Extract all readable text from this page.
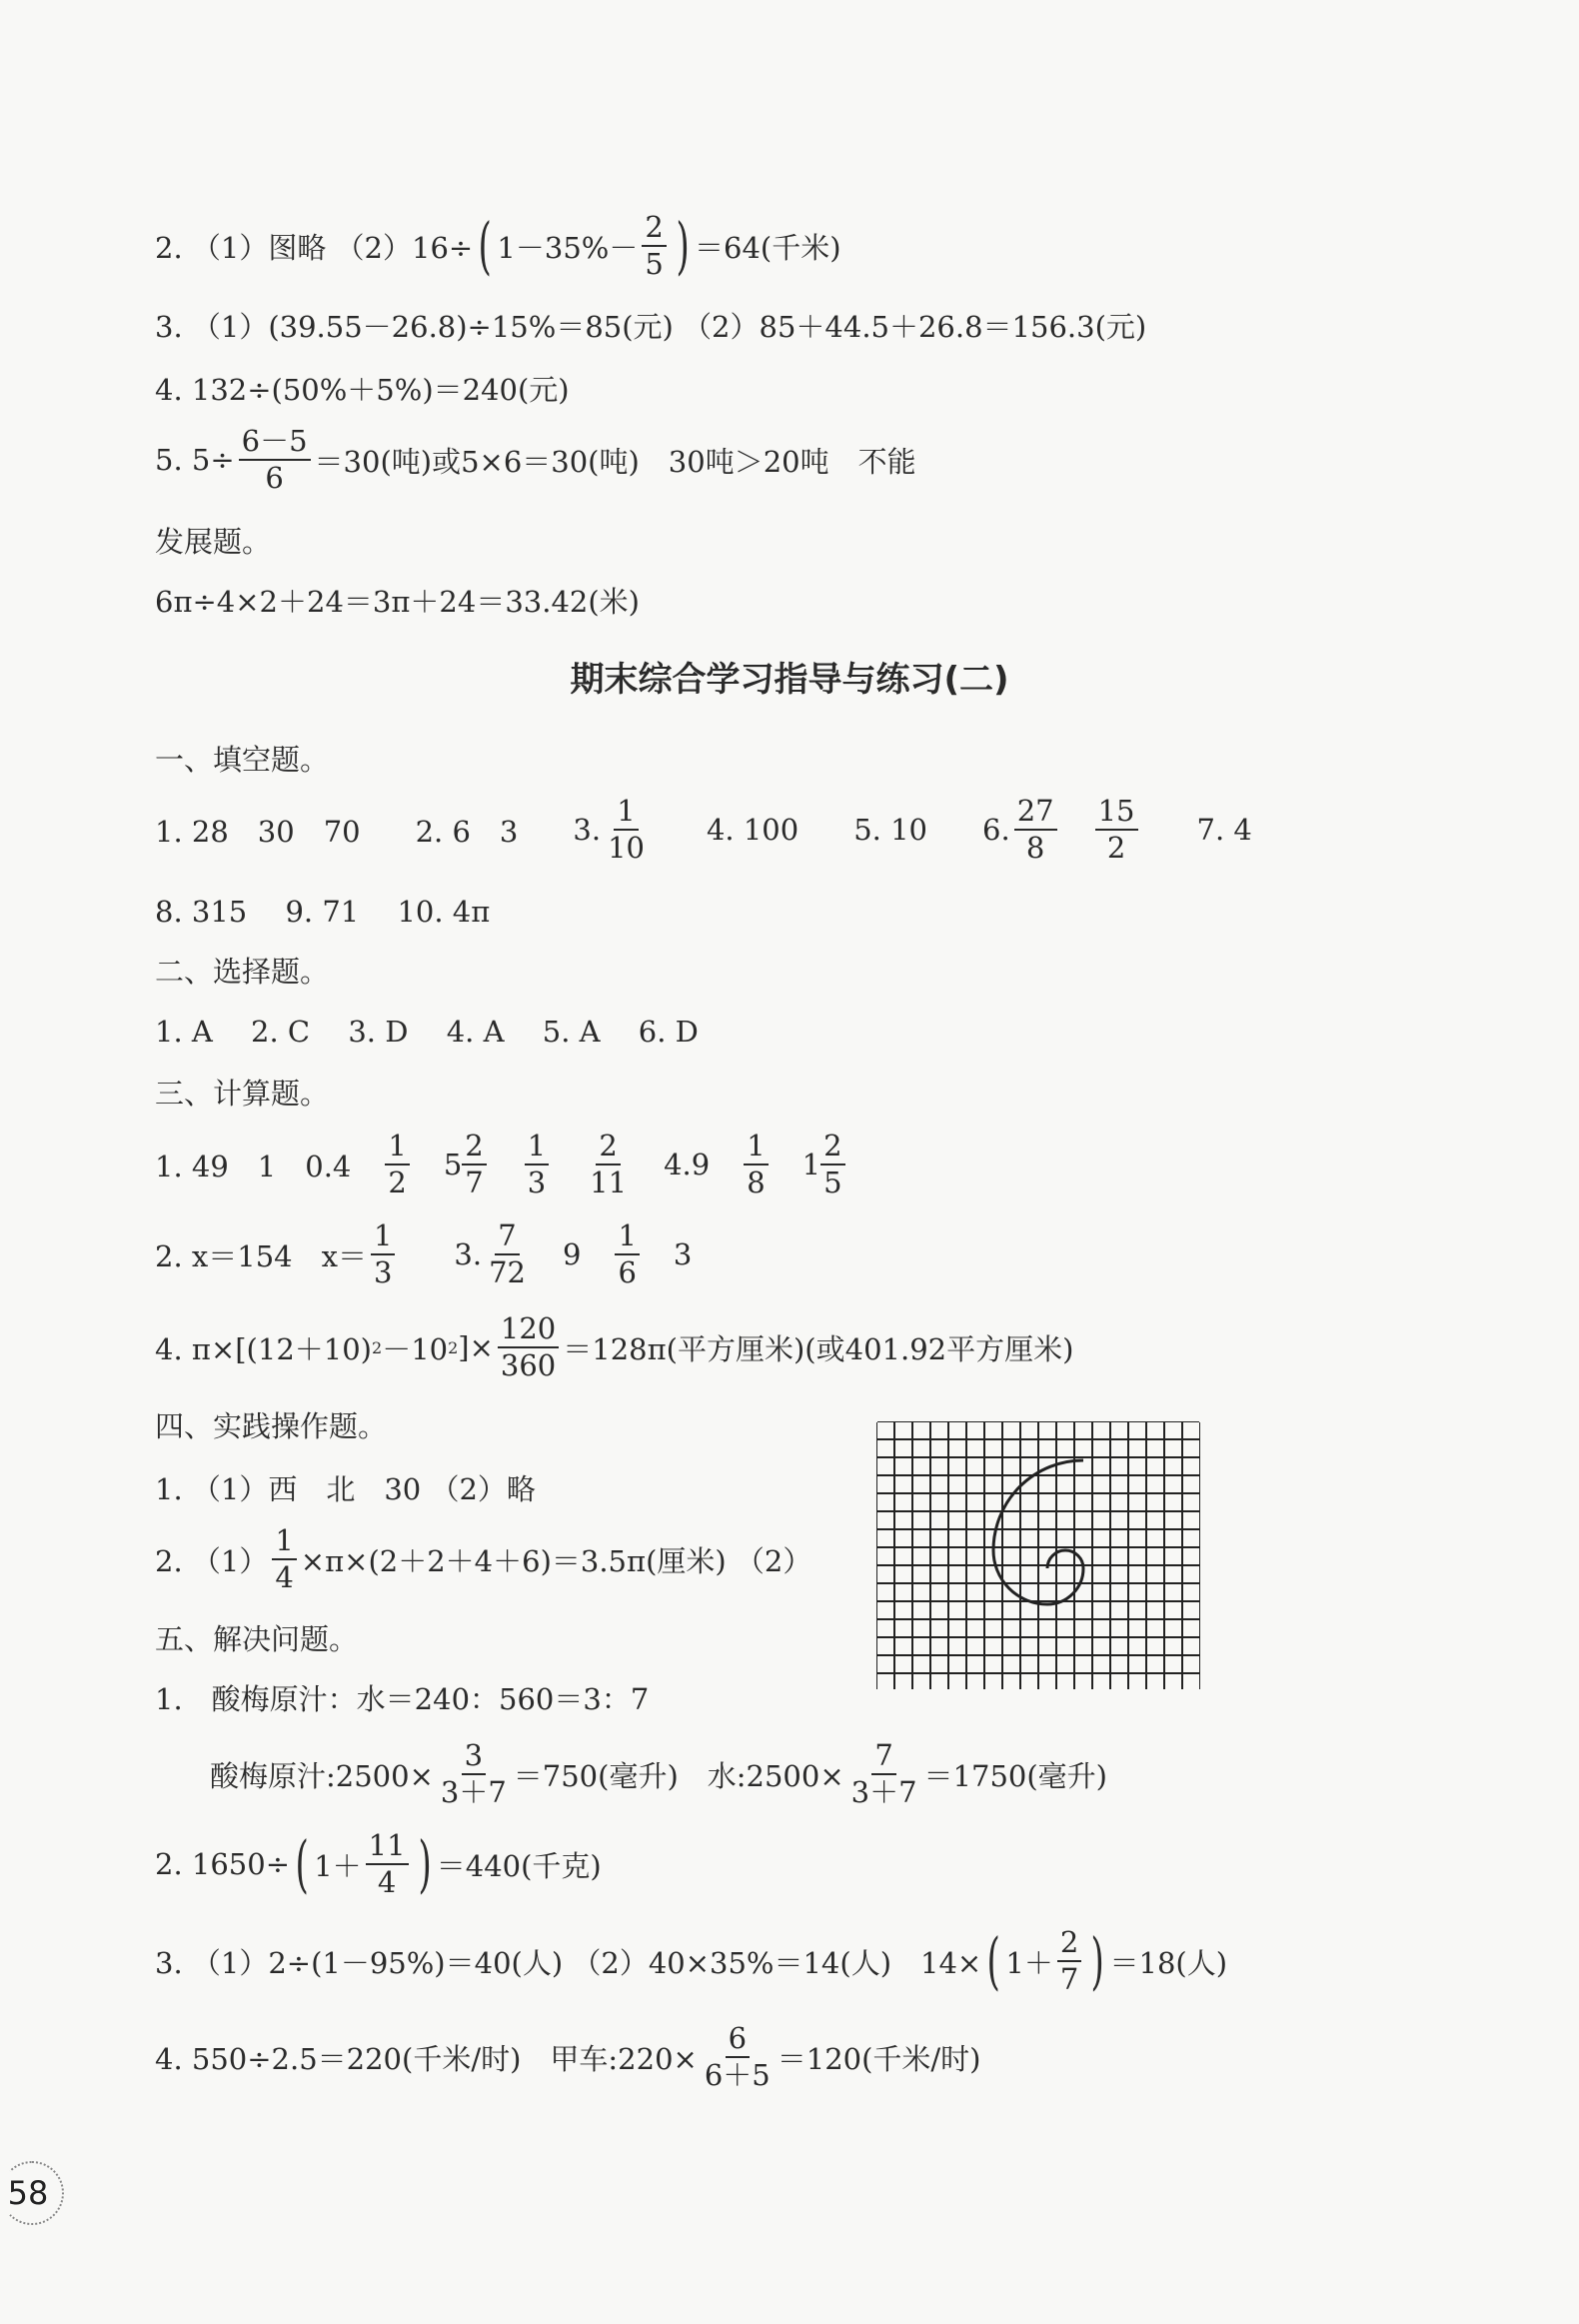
2. （1）图略 （2）16÷ ( $1-35\%- \frac{2}{5}$ ) ＝64(千米)
3. （1）(39.55－26.8)÷15%＝85(元) （2）85＋44.5＋26.8＝156.3(元)
4. 132÷(50%＋5%)＝240(元)
5. $5\div \frac{6-5}{6} =30$(吨)或5×6＝30(吨)　30吨＞20吨　不能
发展题。
6π÷4×2＋24＝3π＋24＝33.42(米)
期末综合学习指导与练习(二)
一、填空题。
1. 28　30　70 2. 6　3 3. $\frac{1}{10} 4$. 100 5. 10 6. $\frac{27}{8} \frac{15}{2} 7$. 4
8. 315　 9. 71　 10. 4π
二、选择题。
1. A　 2. C　 3. D　 4. A　 5. A　 6. D
三、计算题。
1. 49　1　$0.4 \frac{1}{2} 5 \frac{2}{7} \frac{1}{3} \frac{2}{11} 4.9 \frac{1}{8} 1 \frac{2}{5}$
2. x＝154　$x= \frac{1}{3} 3$. $\frac{7}{72} 9 \frac{1}{6} 3$
4. π×[(12＋10) 2 －10 2 ]× $\frac{120}{360} =128\pi$(平方厘米)(或401.92平方厘米)
四、实践操作题。
1. （1）西　北　30 （2）略
2. $(1) \frac{1}{4} \times\pi\times(2+2+4+6)=3.5\pi$(厘米) （2）
五、解决问题。
1.　酸梅原汁：水＝240：560＝3：7
酸梅原汁:2500× $\frac{3}{3+7} =750$(毫升)　水:2500× $\frac{7}{3+7} =1750$(毫升)
2. 1650÷ ( $1+ \frac{11}{4}$ ) ＝440(千克)
3. （1）2÷(1－95%)＝40(人) （2）40×35%＝14(人)　14× ( $1+ \frac{2}{7}$ ) ＝18(人)
4. 550÷2.5＝220(千米/时)　甲车:220× $\frac{6}{6+5} =120$(千米/时)
58
